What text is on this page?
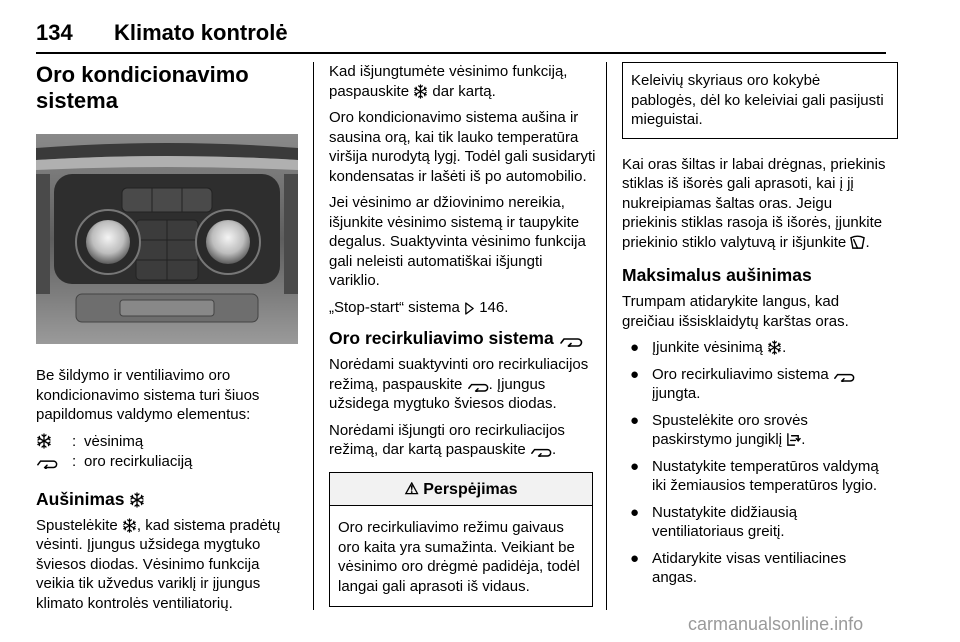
134 Klimato kontrolė
Oro kondicionavimo sistema

Be šildymo ir ventiliavimo oro kondicionavimo sistema turi šiuos papildomus valdymo elementus:

: vėsinimą
: oro recirkuliaciją
Aušinimas

Spustelėkite , kad sistema pradėtų vėsinti. Įjungus užsidega mygtuko šviesos diodas. Vėsinimo funkcija veikia tik užvedus variklį ir įjungus klimato kontrolės ventiliatorių.

Kad išjungtumėte vėsinimo funkciją, paspauskite dar kartą.

Oro kondicionavimo sistema aušina ir sausina orą, kai tik lauko temperatūra viršija nurodytą lygį. Todėl gali susidaryti kondensatas ir lašėti iš po automobilio.

Jei vėsinimo ar džiovinimo nereikia, išjunkite vėsinimo sistemą ir taupykite degalus. Suaktyvinta vėsinimo funkcija gali neleisti automatiškai išjungti variklio.

„Stop-start“ sistema 146.

Oro recirkuliavimo sistema

Norėdami suaktyvinti oro recirkuliacijos režimą, paspauskite . Įjungus užsidega mygtuko šviesos diodas.

Norėdami išjungti oro recirkuliacijos režimą, dar kartą paspauskite .

⚠ Perspėjimas
Oro recirkuliavimo režimu gaivaus oro kaita yra sumažinta. Veikiant be vėsinimo oro drėgmė padidėja, todėl langai gali aprasoti iš vidaus.
Keleivių skyriaus oro kokybė pablogės, dėl ko keleiviai gali pasijusti mieguistai.

Kai oras šiltas ir labai drėgnas, priekinis stiklas iš išorės gali aprasoti, kai į jį nukreipiamas šaltas oras. Jeigu priekinis stiklas rasoja iš išorės, įjunkite priekinio stiklo valytuvą ir išjunkite .

Maksimalus aušinimas

Trumpam atidarykite langus, kad greičiau išsisklaidytų karštas oras.

● Įjunkite vėsinimą .
● Oro recirkuliavimo sistema  įjungta.
● Spustelėkite oro srovės paskirstymo jungiklį .
● Nustatykite temperatūros valdymą iki žemiausios temperatūros lygio.
● Nustatykite didžiausią ventiliatoriaus greitį.
● Atidarykite visas ventiliacines angas.
carmanualsonline.info
